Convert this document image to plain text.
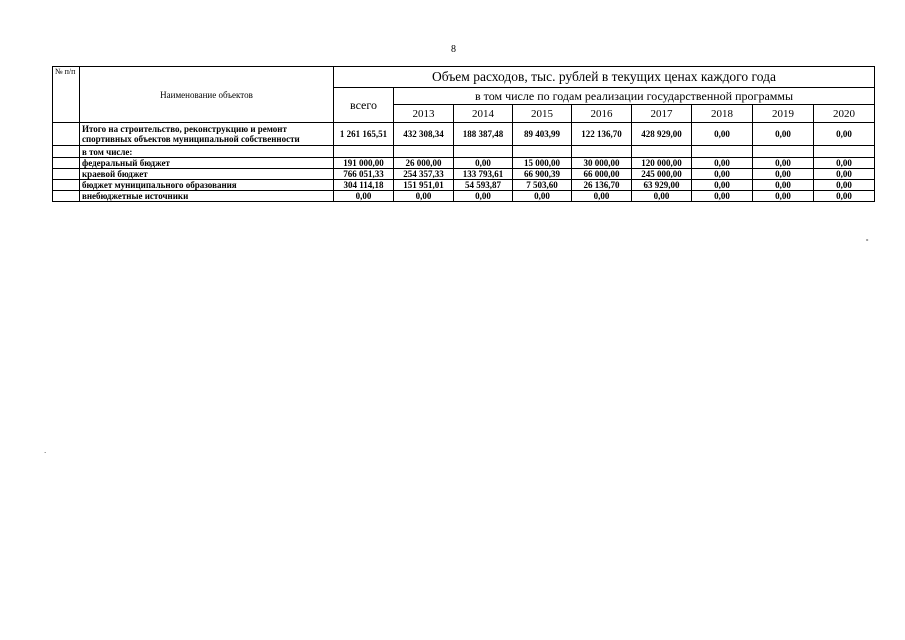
8
№ п/п	Наименование объектов	Объем расходов, тыс. рублей в текущих ценах каждого года								
		всего	в том числе по годам реализации государственной программы							
			2013	2014	2015	2016	2017	2018	2019	2020
	Итого на строительство, реконструкцию и ремонт спортивных объектов муниципальной собственности	1 261 165,51	432 308,34	188 387,48	89 403,99	122 136,70	428 929,00	0,00	0,00	0,00
	в том числе:									
	федеральный бюджет	191 000,00	26 000,00	0,00	15 000,00	30 000,00	120 000,00	0,00	0,00	0,00
	краевой бюджет	766 051,33	254 357,33	133 793,61	66 900,39	66 000,00	245 000,00	0,00	0,00	0,00
	бюджет муниципального образования	304 114,18	151 951,01	54 593,87	7 503,60	26 136,70	63 929,00	0,00	0,00	0,00
	внебюджетные источники	0,00	0,00	0,00	0,00	0,00	0,00	0,00	0,00	0,00
»
`
